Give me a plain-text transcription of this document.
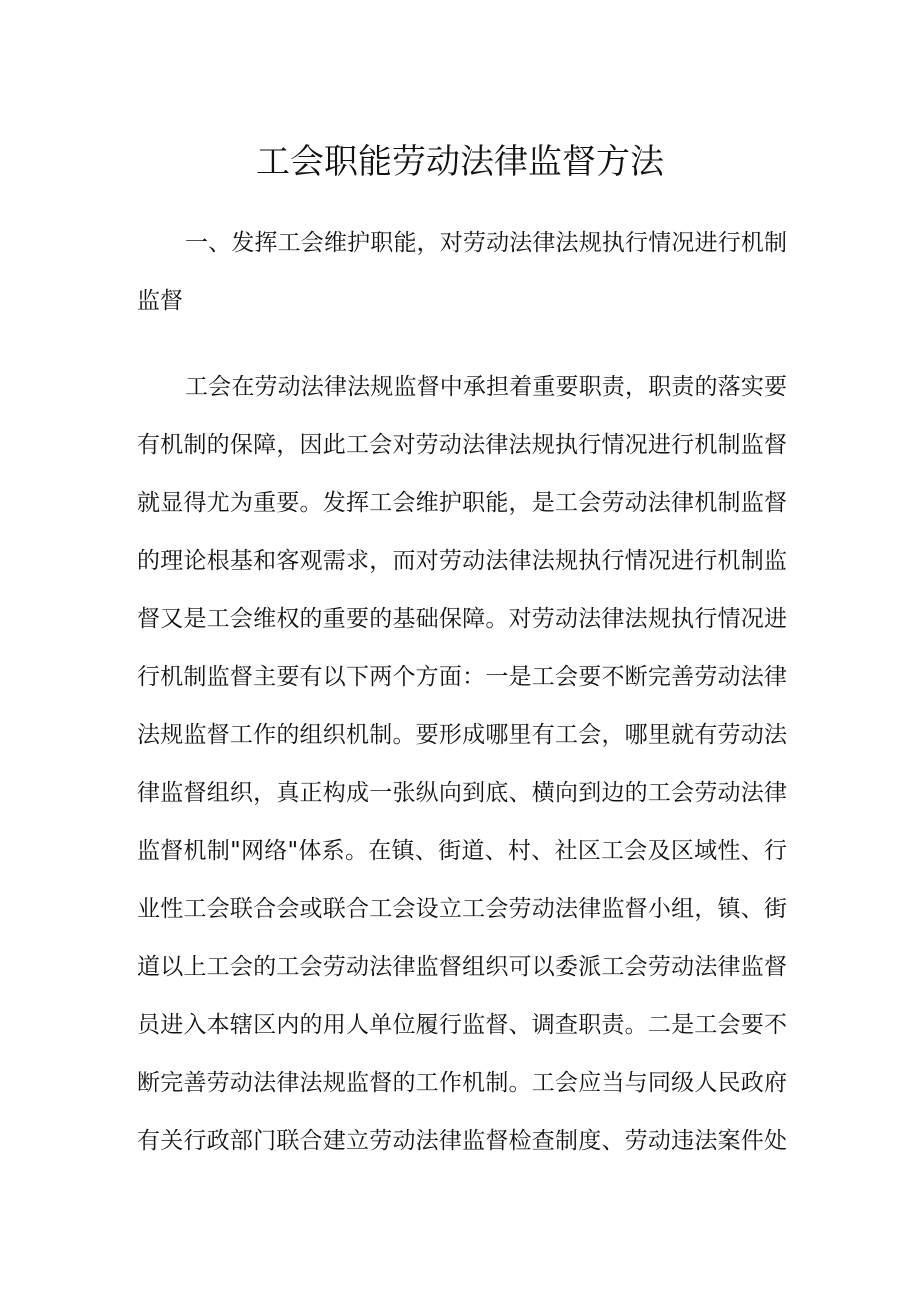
工会职能劳动法律监督方法
一、发挥工会维护职能，对劳动法律法规执行情况进行机制
监督
工会在劳动法律法规监督中承担着重要职责，职责的落实要
有机制的保障，因此工会对劳动法律法规执行情况进行机制监督
就显得尤为重要。发挥工会维护职能，是工会劳动法律机制监督
的理论根基和客观需求，而对劳动法律法规执行情况进行机制监
督又是工会维权的重要的基础保障。对劳动法律法规执行情况进
行机制监督主要有以下两个方面：一是工会要不断完善劳动法律
法规监督工作的组织机制。要形成哪里有工会，哪里就有劳动法
律监督组织，真正构成一张纵向到底、横向到边的工会劳动法律
监督机制"网络"体系。在镇、街道、村、社区工会及区域性、行
业性工会联合会或联合工会设立工会劳动法律监督小组，镇、街
道以上工会的工会劳动法律监督组织可以委派工会劳动法律监督
员进入本辖区内的用人单位履行监督、调查职责。二是工会要不
断完善劳动法律法规监督的工作机制。工会应当与同级人民政府
有关行政部门联合建立劳动法律监督检查制度、劳动违法案件处
